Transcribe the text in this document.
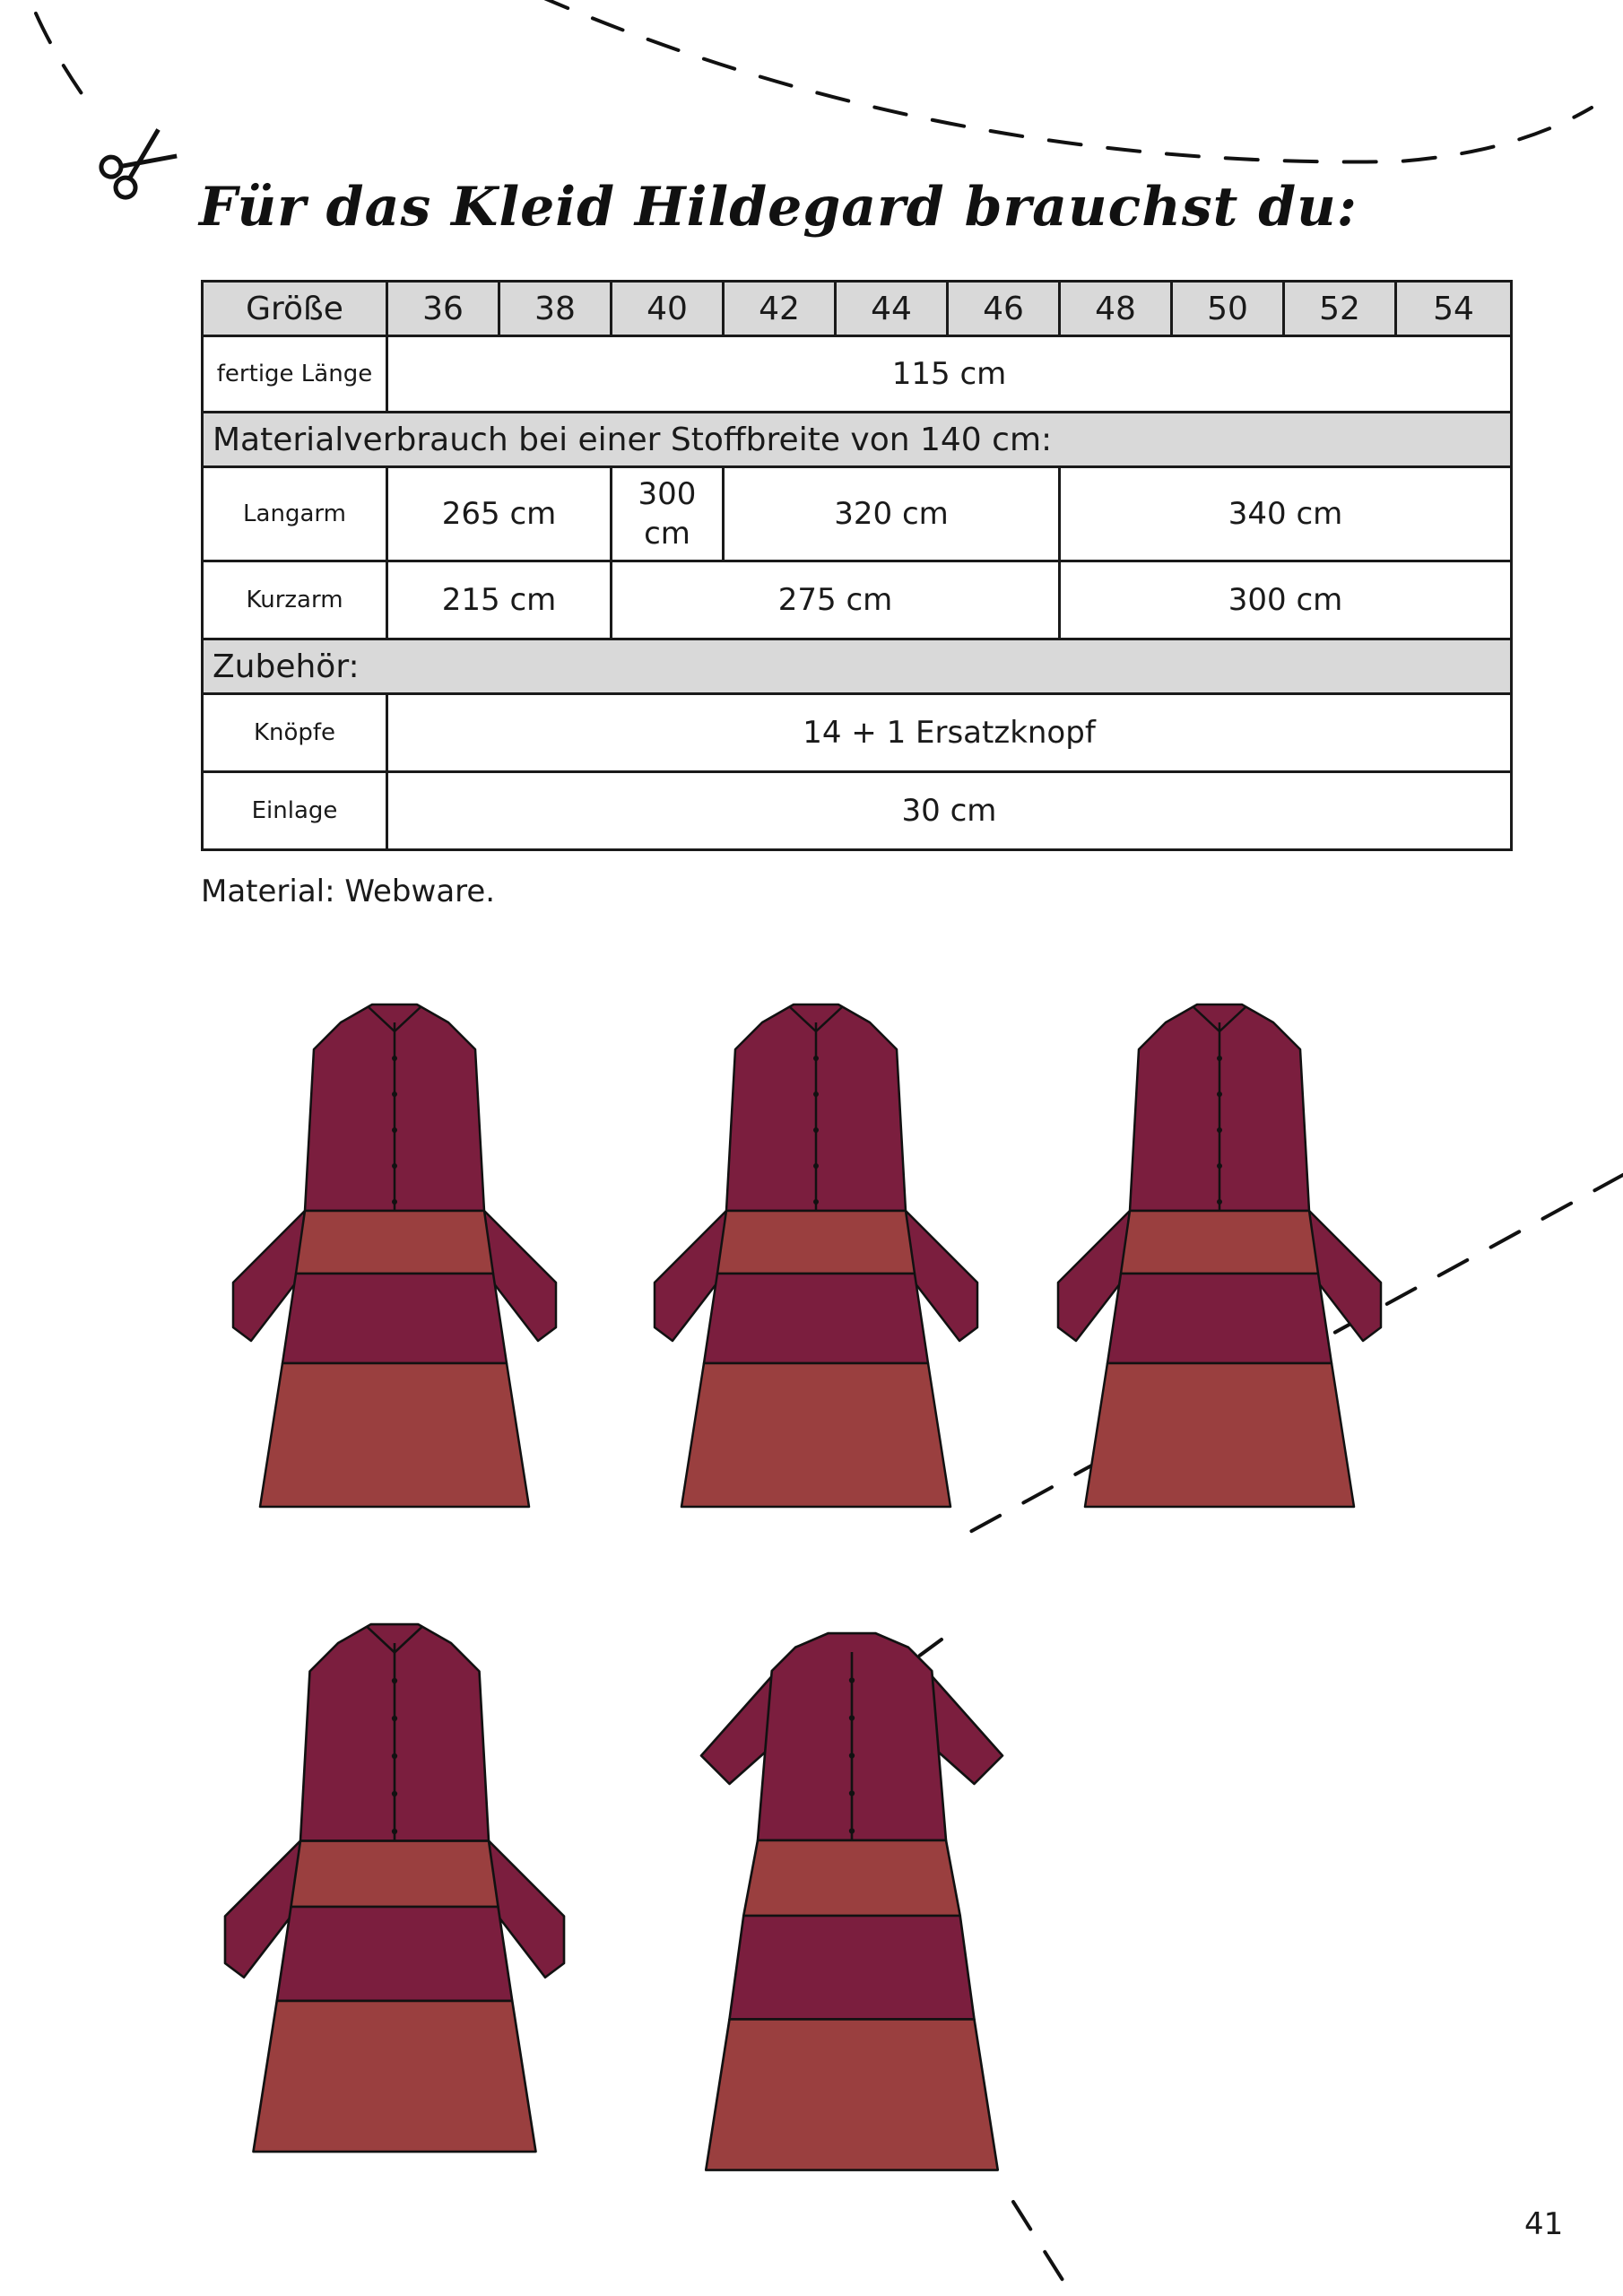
Für das Kleid Hildegard brauchst du:
Größe	36	38	40	42	44	46	48	50	52	54
fertige Länge	115 cm									
Materialverbrauch bei einer Stoffbreite von 140 cm:										
Langarm	265 cm		300
cm	320 cm			340 cm			
Kurzarm	215 cm		275 cm				300 cm			
Zubehör:										
Knöpfe	14 + 1 Ersatzknopf									
Einlage	30 cm									
Material: Webware.
41
